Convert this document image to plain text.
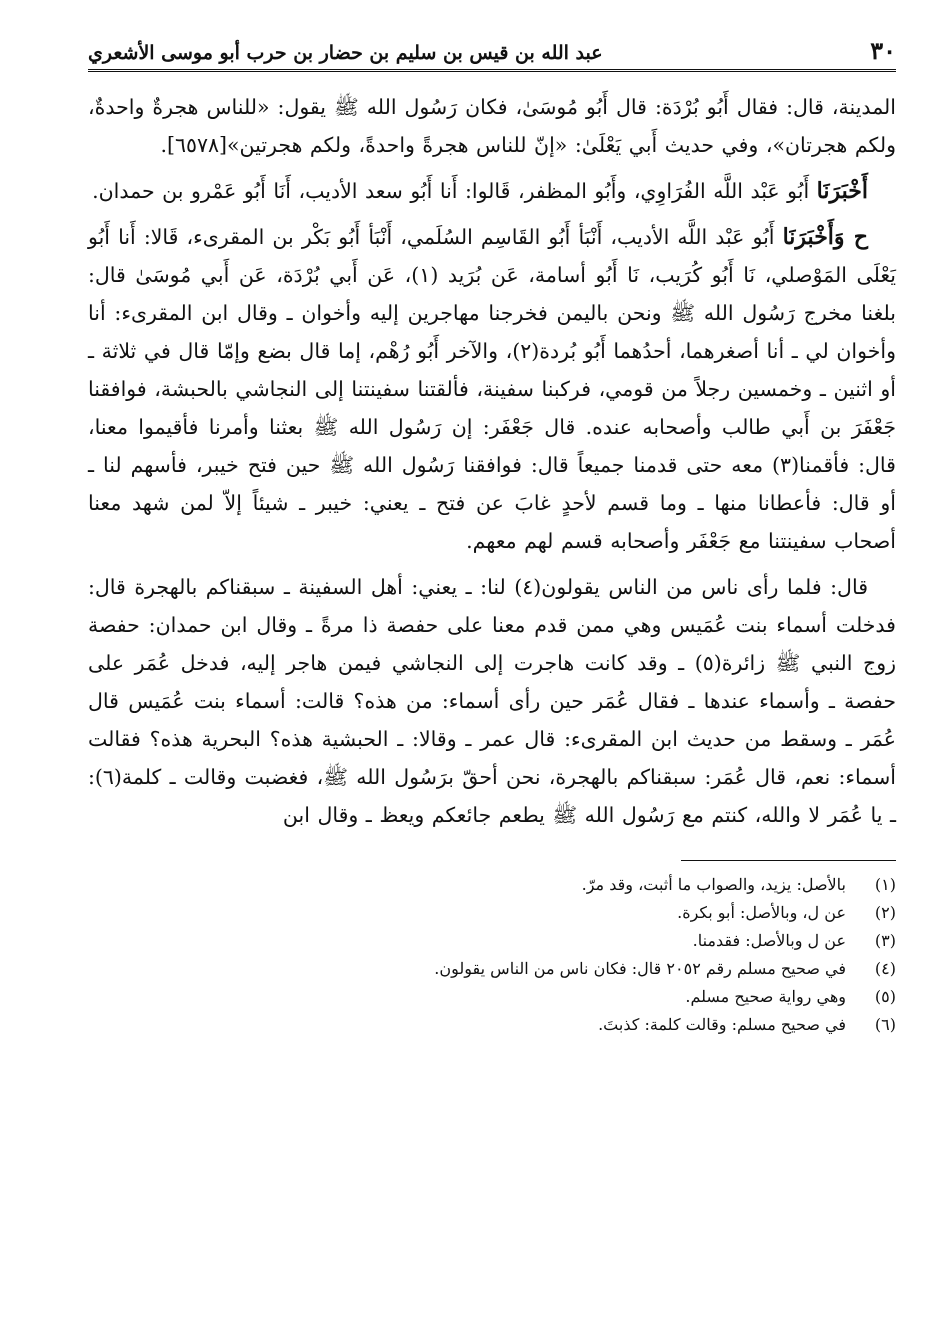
٣٠
عبد الله بن قيس بن سليم بن حضار بن حرب أبو موسى الأشعري

المدينة، قال: فقال أَبُو بُرْدَة: قال أَبُو مُوسَىٰ، فكان رَسُول الله ﷺ يقول: «للناس هجرةٌ واحدةٌ، ولكم هجرتان»، وفي حديث أَبي يَعْلَىٰ: «إنّ للناس هجرةً واحدةً، ولكم هجرتين»[٦٥٧٨].

أَخْبَرَنَا أَبُو عَبْد اللَّه الفُرَاوِي، وأَبُو المظفر، قَالوا: أَنا أَبُو سعد الأديب، أَنَا أَبُو عَمْرو بن حمدان.

ح وَأَخْبَرَنَا أَبُو عَبْد اللَّه الأديب، أَنْبَأ أَبُو القَاسِم السُلَمي، أَنْبَأ أَبُو بَكْر بن المقرىء، قَالا: أَنا أَبُو يَعْلَى المَوْصلي، نَا أَبُو كُرَيب، نَا أَبُو أسامة، عَن بُرَيد (١)، عَن أَبي بُرْدَة، عَن أَبي مُوسَىٰ قال: بلغنا مخرج رَسُول الله ﷺ ونحن باليمن فخرجنا مهاجرين إليه وأخوان ـ وقال ابن المقرىء: أنا وأخوان لي ـ أنا أصغرهما، أحدُهما أَبُو بُردة(٢)، والآخر أَبُو رُهْم، إما قال بضع وإمّا قال في ثلاثة ـ أو اثنين ـ وخمسين رجلاً من قومي، فركبنا سفينة، فألقتنا سفينتنا إلى النجاشي بالحبشة، فوافقنا جَعْفَرَ بن أَبي طالب وأصحابه عنده. قال جَعْفَر: إن رَسُول الله ﷺ بعثنا وأمرنا فأقيموا معنا، قال: فأقمنا(٣) معه حتى قدمنا جميعاً قال: فوافقنا رَسُول الله ﷺ حين فتح خيبر، فأسهم لنا ـ أو قال: فأعطانا منها ـ وما قسم لأحدٍ غابَ عن فتح ـ يعني: خيبر ـ شيئاً إلاّ لمن شهد معنا أصحاب سفينتنا مع جَعْفَر وأصحابه قسم لهم معهم.

قال: فلما رأى ناس من الناس يقولون(٤) لنا: ـ يعني: أهل السفينة ـ سبقناكم بالهجرة قال: فدخلت أسماء بنت عُمَيس وهي ممن قدم معنا على حفصة ذا مرةً ـ وقال ابن حمدان: حفصة زوج النبي ﷺ زائرة(٥) ـ وقد كانت هاجرت إلى النجاشي فيمن هاجر إليه، فدخل عُمَر على حفصة ـ وأسماء عندها ـ فقال عُمَر حين رأى أسماء: من هذه؟ قالت: أسماء بنت عُمَيس قال عُمَر ـ وسقط من حديث ابن المقرىء: قال عمر ـ وقالا: ـ الحبشية هذه؟ البحرية هذه؟ فقالت أسماء: نعم، قال عُمَر: سبقناكم بالهجرة، نحن أحقّ برَسُول الله ﷺ، فغضبت وقالت ـ كلمة(٦): ـ يا عُمَر لا والله، كنتم مع رَسُول الله ﷺ يطعم جائعكم ويعظ ـ وقال ابن

(١)
بالأصل: يزيد، والصواب ما أثبت، وقد مرّ.
(٢)
عن ل، وبالأصل: أبو بكرة.
(٣)
عن ل وبالأصل: فقدمنا.
(٤)
في صحيح مسلم رقم ٢٠٥٢ قال: فكان ناس من الناس يقولون.
(٥)
وهي رواية صحيح مسلم.
(٦)
في صحيح مسلم: وقالت كلمة: كذبتَ.
